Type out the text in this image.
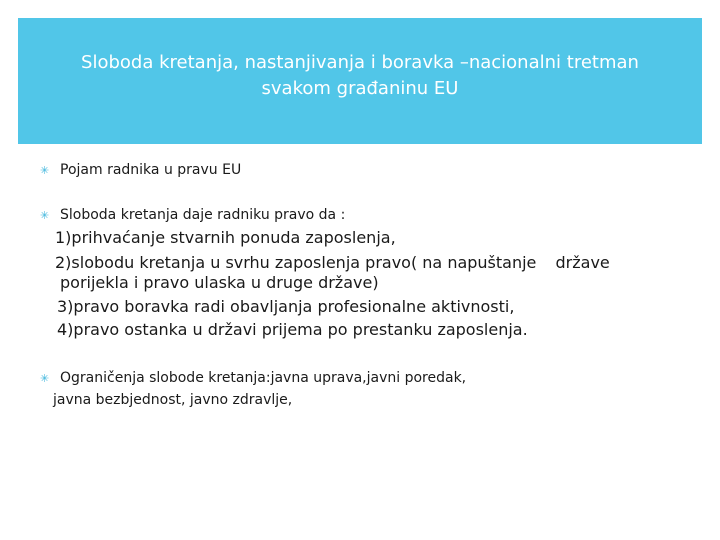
Sloboda kretanja, nastanjivanja i boravka –nacionalni tretman
svakom građaninu EU
✳ Pojam radnika u pravu EU
✳ Sloboda kretanja daje radniku pravo da :
1)prihvaćanje stvarnih ponuda zaposlenja,
2)slobodu kretanja u svrhu zaposlenja pravo( na napuštanje države
porijekla i pravo ulaska u druge države)
3)pravo boravka radi obavljanja profesionalne aktivnosti,
4)pravo ostanka u državi prijema po prestanku zaposlenja.
✳ Ograničenja slobode kretanja:javna uprava,javni poredak,
javna bezbjednost, javno zdravlje,
